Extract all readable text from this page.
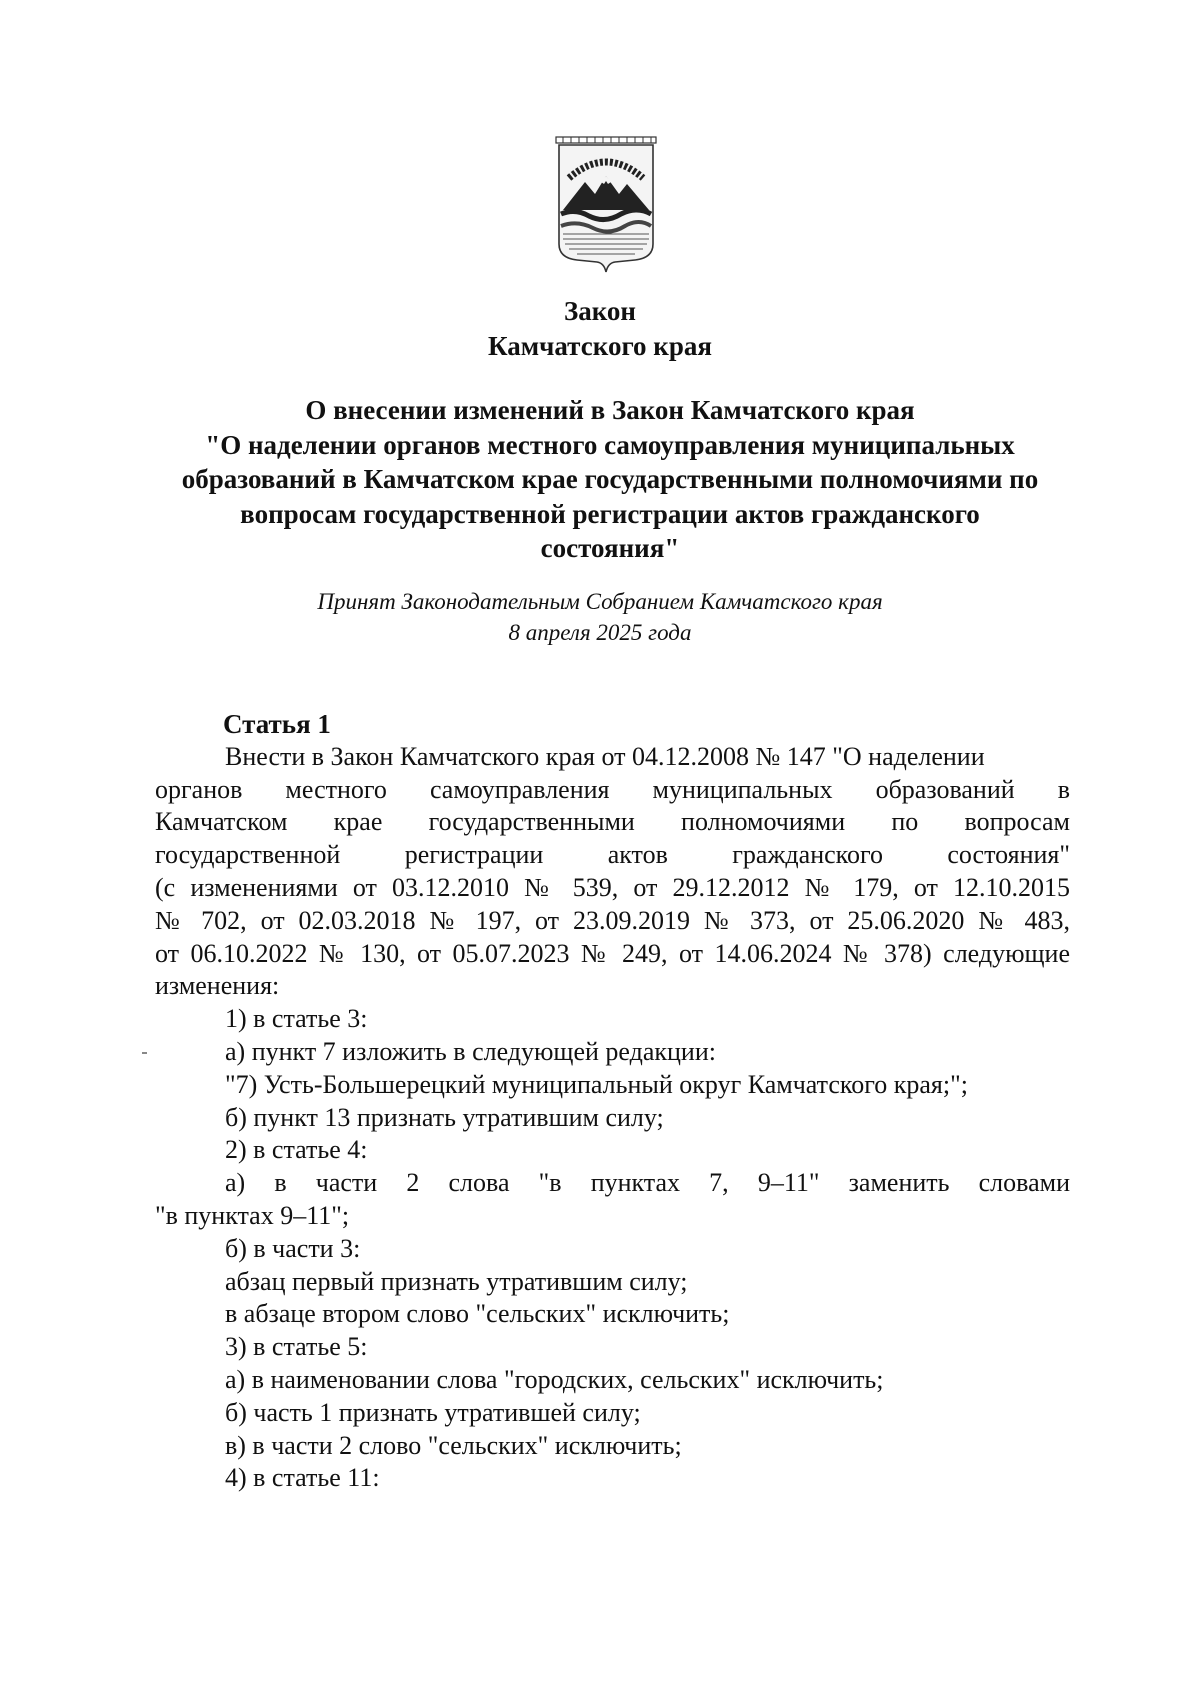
Закон
Камчатского края
О внесении изменений в Закон Камчатского края
"О наделении органов местного самоуправления муниципальных
образований в Камчатском крае государственными полномочиями по
вопросам государственной регистрации актов гражданского
состояния"
Принят Законодательным Собранием Камчатского края
8 апреля 2025 года
Статья 1
Внести в Закон Камчатского края от 04.12.2008 № 147 "О наделении
органов местного самоуправления муниципальных образований в
Камчатском крае государственными полномочиями по вопросам
государственной регистрации актов гражданского состояния"
(с изменениями от 03.12.2010 № 539, от 29.12.2012 № 179, от 12.10.2015
№ 702, от 02.03.2018 № 197, от 23.09.2019 № 373, от 25.06.2020 № 483,
от 06.10.2022 № 130, от 05.07.2023 № 249, от 14.06.2024 № 378) следующие
изменения:
1) в статье 3:
а) пункт 7 изложить в следующей редакции:
"7) Усть-Большерецкий муниципальный округ Камчатского края;";
б) пункт 13 признать утратившим силу;
2) в статье 4:
а) в части 2 слова "в пунктах 7, 9–11" заменить словами
"в пунктах 9–11";
б) в части 3:
абзац первый признать утратившим силу;
в абзаце втором слово "сельских" исключить;
3) в статье 5:
а) в наименовании слова "городских, сельских" исключить;
б) часть 1 признать утратившей силу;
в) в части 2 слово "сельских" исключить;
4) в статье 11:
